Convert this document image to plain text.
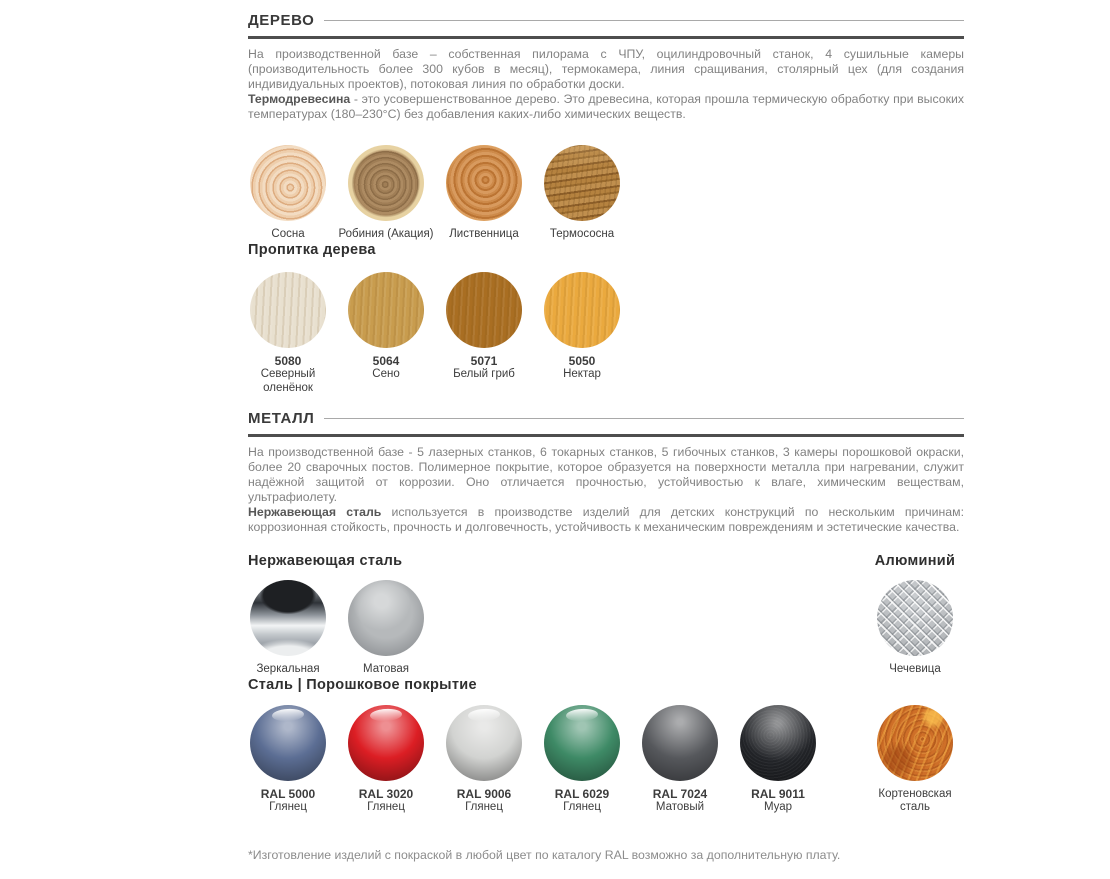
ДЕРЕВО

На производственной базе – собственная пилорама с ЧПУ, оцилиндровочный станок, 4 сушильные камеры (производительность более 300 кубов в месяц), термокамера, линия сращивания, столярный цех (для создания индивидуальных проектов), потоковая линия по обработки доски.
Термодревесина - это усовершенствованное дерево. Это древесина, которая прошла термическую обработку при высоких температурах (180–230°С) без добавления каких-либо химических веществ.

Сосна	Робиния (Акация) Лиственница	Термососна
Пропитка дерева
5080
Северный
оленёнок
5064
Сено
5071
Белый гриб
5050
Нектар
МЕТАЛЛ

На производственной базе - 5 лазерных станков, 6 токарных станков, 5 гибочных станков, 3 камеры порошковой окраски, более 20 сварочных постов. Полимерное покрытие, которое образуется на поверхности металла при нагревании, служит надёжной защитой от коррозии. Оно отличается прочностью, устойчивостью к влаге, химическим веществам, ультрафиолету.
Нержавеющая сталь используется в производстве изделий для детских конструкций по нескольким причинам: коррозионная стойкость, прочность и долговечность, устойчивость к механическим повреждениям и эстетические качества.

Нержавеющая сталь
Зеркальная	Матовая
Алюминий
Чечевица
Сталь | Порошковое покрытие
RAL 5000
Глянец
RAL 3020
Глянец
RAL 9006
Глянец
RAL 6029
Глянец
RAL 7024
Матовый
RAL 9011
Муар
Кортеновская
сталь

*Изготовление изделий с покраской в любой цвет по каталогу RAL возможно за дополнительную плату.
